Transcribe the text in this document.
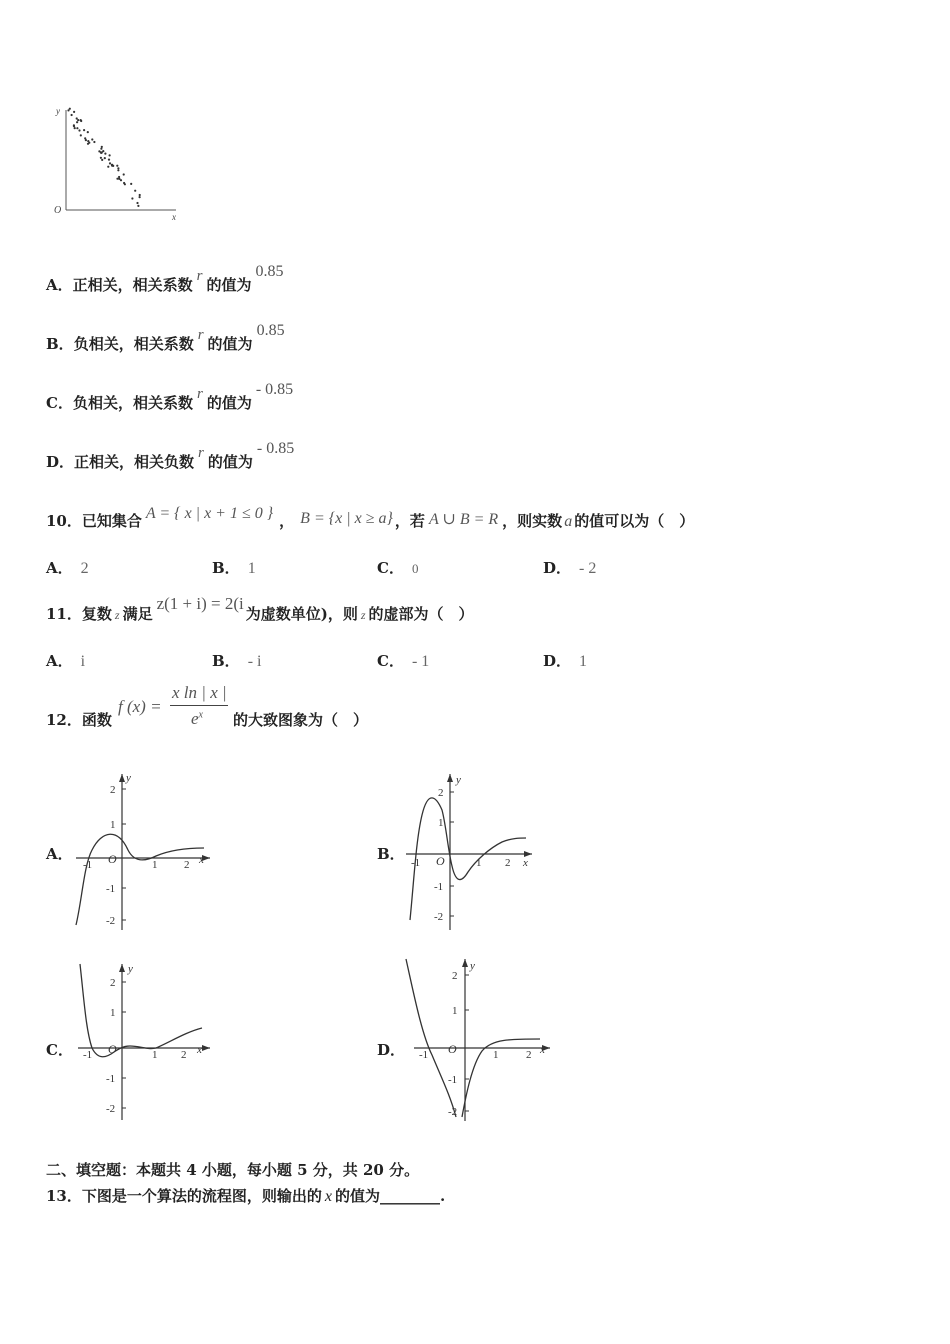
y
O
x
A．正相关，相关系数 r 的值为0.85
B．负相关，相关系数 r 的值为0.85
C．负相关，相关系数 r 的值为- 0.85
D．正相关，相关负数 r 的值为- 0.85
10．已知集合 A = { x | x + 1 ≤ 0 } ， B = {x | x ≥ a} ，若 A ∪ B = R ，则实数 a 的值可以为（　）
A． 2	B． 1	C． 0	D． - 2
11．复数 z 满足z(1 + i) = 2(i为虚数单位)，则 z 的虚部为（　）
A． i	B． - i	C． - 1	D． 1
12．函数
f (x) =
x ln | x |
$e^x$ 的大致图象为（　）
A．	B．
C．	D．
y
2
1
-1
-2
-1 O	1 2 x
y
2
1
-1
-2
-1 O	1 2 x
y
2
1
-1
-2
-1 O	1 2 x
y
2
1
-1
-2
-1 O	1	2 x
二、填空题：本题共 4 小题，每小题 5 分，共 20 分。
13．下图是一个算法的流程图，则输出的 x 的值为________.
